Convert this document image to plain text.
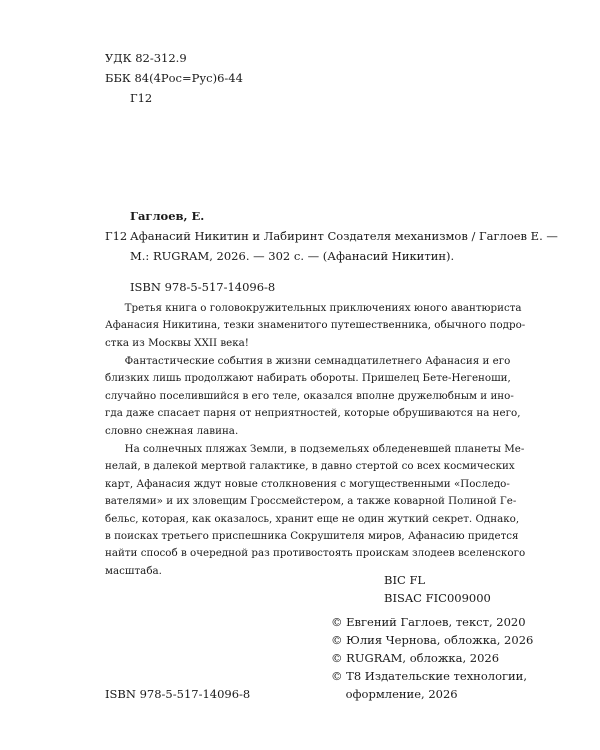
УДК 82-312.9
ББК 84(4Рос=Рус)6-44
Г12
Гаглоев, Е.
Г12 Афанасий Никитин и Лабиринт Создателя механизмов / Гаглоев Е. —
М.: RUGRAM, 2026. — 302 с. — (Афанасий Никитин).
ISBN 978-5-517-14096-8
Третья книга о головокружительных приключениях юного авантюриста
Афанасия Никитина, тезки знаменитого путешественника, обычного подро-
стка из Москвы XXII века!
Фантастические события в жизни семнадцатилетнего Афанасия и его
близких лишь продолжают набирать обороты. Пришелец Бете-Негеноши,
случайно поселившийся в его теле, оказался вполне дружелюбным и ино-
гда даже спасает парня от неприятностей, которые обрушиваются на него,
словно снежная лавина.
На солнечных пляжах Земли, в подземельях обледеневшей планеты Ме-
нелай, в далекой мертвой галактике, в давно стертой со всех космических
карт, Афанасия ждут новые столкновения с могущественными «Последо-
вателями» и их зловещим Гроссмейстером, а также коварной Полиной Ге-
бельс, которая, как оказалось, хранит еще не один жуткий секрет. Однако,
в поисках третьего приспешника Сокрушителя миров, Афанасию придется
найти способ в очередной раз противостоять проискам злодеев вселенского
масштаба.
BIC FL
BISAC FIC009000
© Евгений Гаглоев, текст, 2020
© Юлия Чернова, обложка, 2026
© RUGRAM, обложка, 2026
© T8 Издательские технологии,
оформление, 2026
ISBN 978-5-517-14096-8
